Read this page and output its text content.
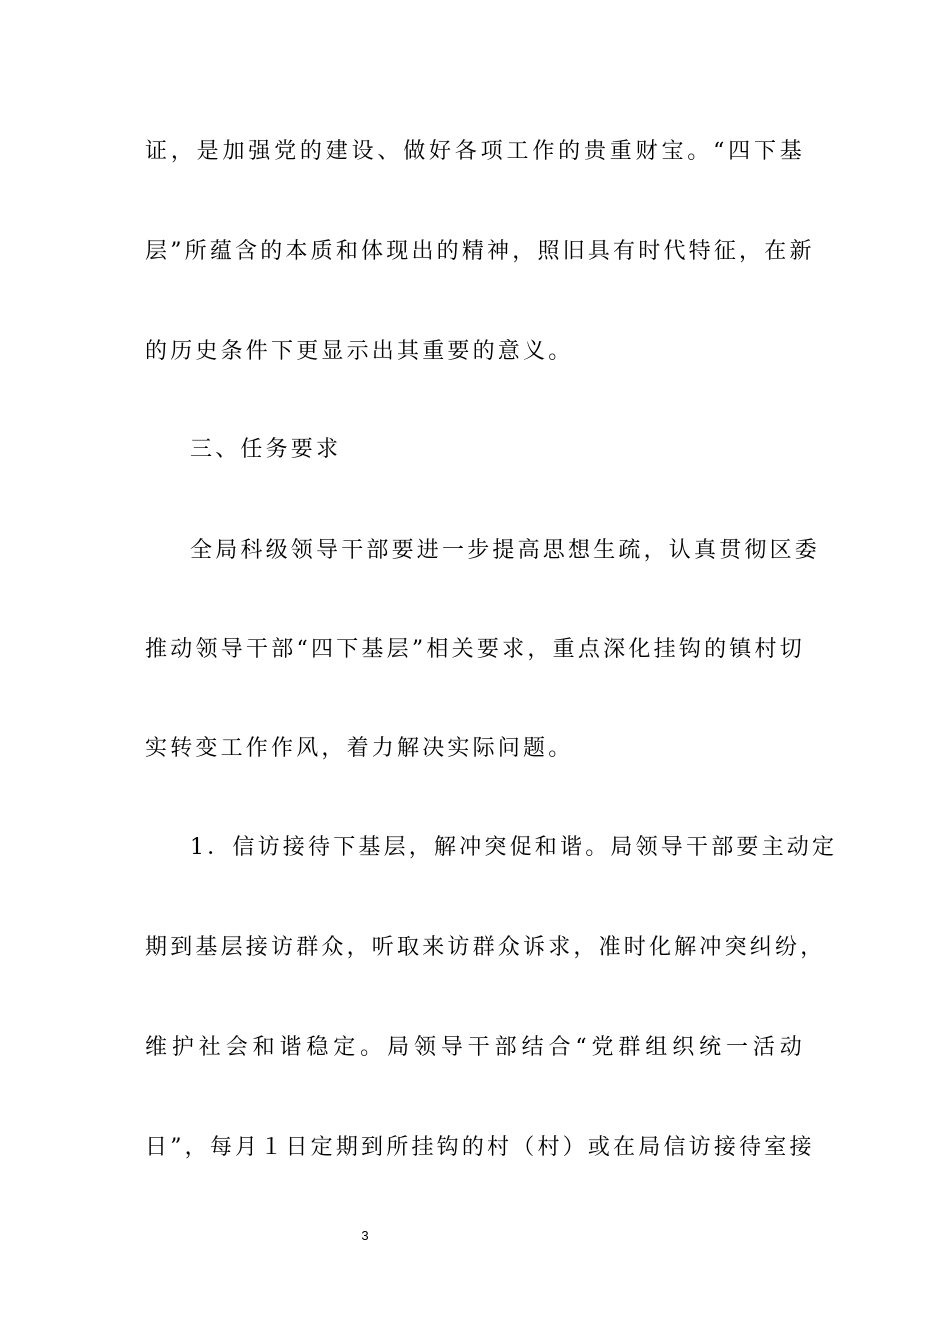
证，是加强党的建设、做好各项工作的贵重财宝。“四下基
层”所蕴含的本质和体现出的精神，照旧具有时代特征，在新
的历史条件下更显示出其重要的意义。
三、任务要求
全局科级领导干部要进一步提高思想生疏，认真贯彻区委
推动领导干部“四下基层”相关要求，重点深化挂钩的镇村切
实转变工作作风，着力解决实际问题。
1．信访接待下基层，解冲突促和谐。局领导干部要主动定
期到基层接访群众，听取来访群众诉求，准时化解冲突纠纷，
维护社会和谐稳定。局领导干部结合“党群组织统一活动
日”，每月１日定期到所挂钩的村（村）或在局信访接待室接
3
